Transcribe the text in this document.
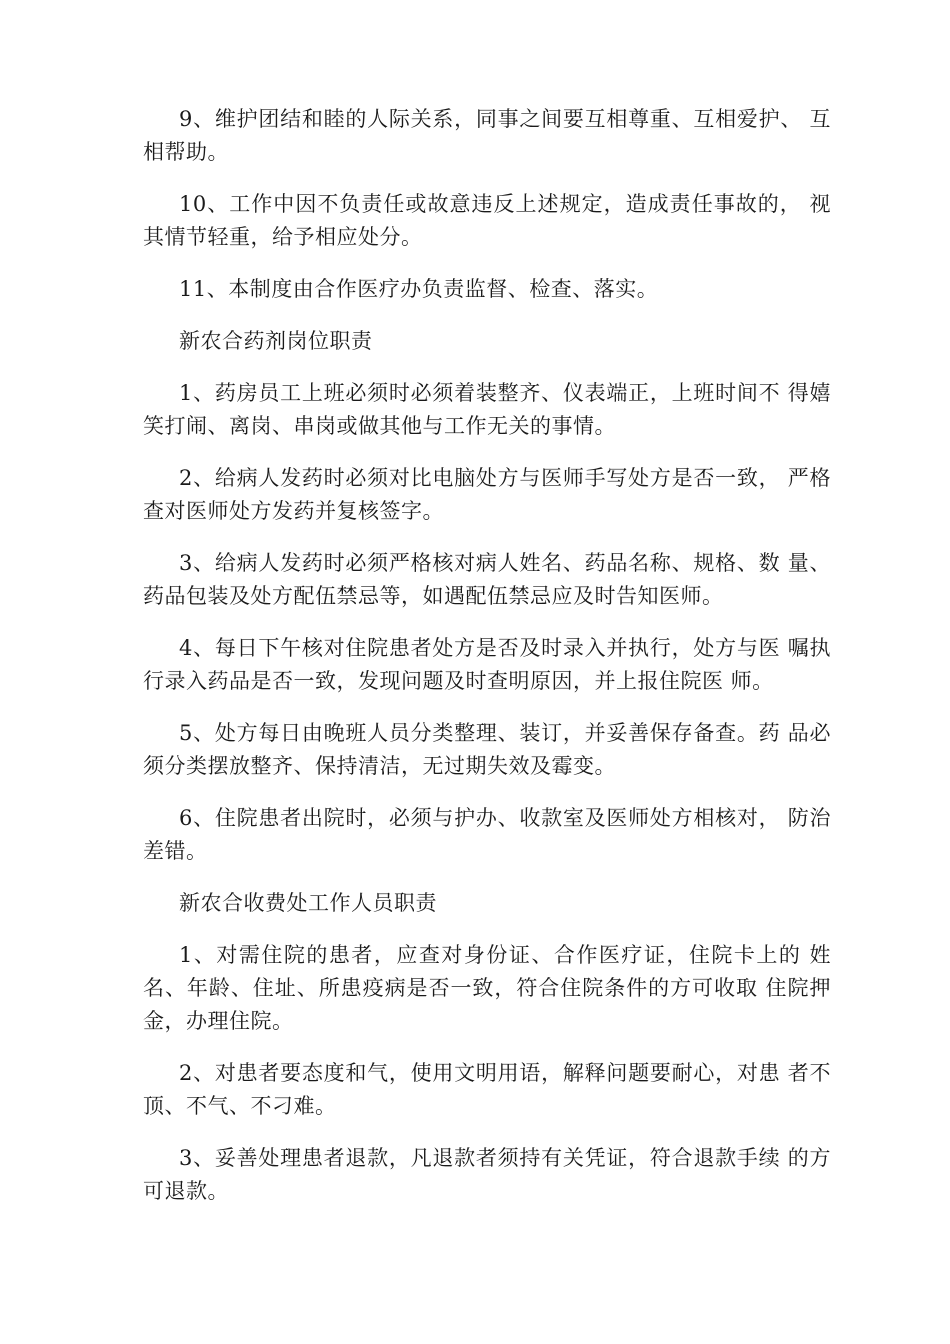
9、维护团结和睦的人际关系，同事之间要互相尊重、互相爱护、 互相帮助。

10、工作中因不负责任或故意违反上述规定，造成责任事故的， 视其情节轻重，给予相应处分。

11、本制度由合作医疗办负责监督、检查、落实。

新农合药剂岗位职责

1、药房员工上班必须时必须着装整齐、仪表端正，上班时间不 得嬉笑打闹、离岗、串岗或做其他与工作无关的事情。

2、给病人发药时必须对比电脑处方与医师手写处方是否一致， 严格查对医师处方发药并复核签字。

3、给病人发药时必须严格核对病人姓名、药品名称、规格、数 量、药品包装及处方配伍禁忌等，如遇配伍禁忌应及时告知医师。

4、每日下午核对住院患者处方是否及时录入并执行，处方与医 嘱执行录入药品是否一致，发现问题及时查明原因，并上报住院医 师。

5、处方每日由晚班人员分类整理、装订，并妥善保存备查。药 品必须分类摆放整齐、保持清洁，无过期失效及霉变。

6、住院患者出院时，必须与护办、收款室及医师处方相核对， 防治差错。

新农合收费处工作人员职责

1、对需住院的患者，应查对身份证、合作医疗证，住院卡上的 姓名、年龄、住址、所患疫病是否一致，符合住院条件的方可收取 住院押金，办理住院。

2、对患者要态度和气，使用文明用语，解释问题要耐心，对患 者不顶、不气、不刁难。

3、妥善处理患者退款，凡退款者须持有关凭证，符合退款手续 的方可退款。
